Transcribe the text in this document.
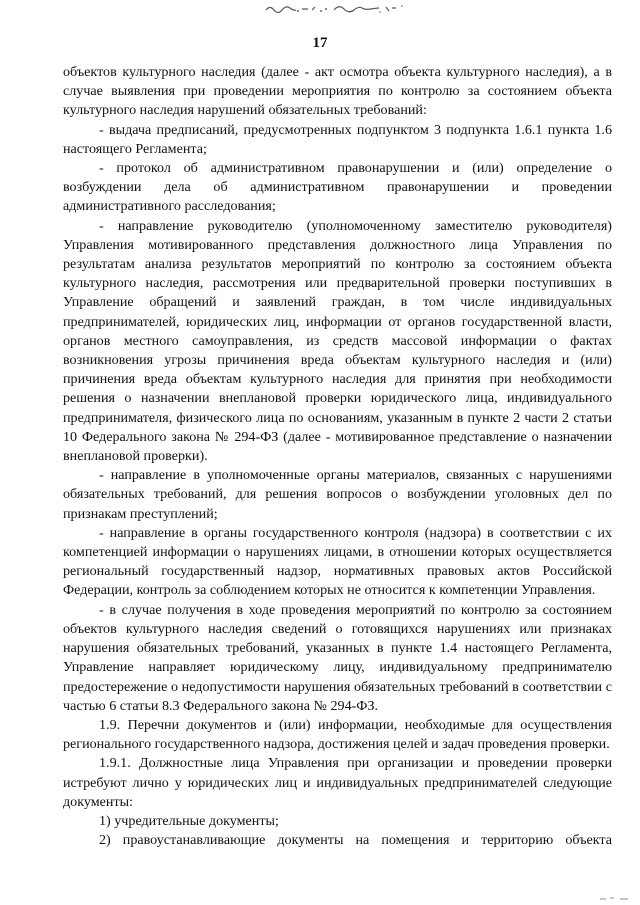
17

объектов культурного наследия (далее - акт осмотра объекта культурного наследия), а в случае выявления при проведении мероприятия по контролю за состоянием объекта культурного наследия нарушений обязательных требований:

- выдача предписаний, предусмотренных подпунктом 3 подпункта 1.6.1 пункта 1.6 настоящего Регламента;

- протокол об административном правонарушении и (или) определение о возбуждении дела об административном правонарушении и проведении административного расследования;

- направление руководителю (уполномоченному заместителю руководителя) Управления мотивированного представления должностного лица Управления по результатам анализа результатов мероприятий по контролю за состоянием объекта культурного наследия, рассмотрения или предварительной проверки поступивших в Управление обращений и заявлений граждан, в том числе индивидуальных предпринимателей, юридических лиц, информации от органов государственной власти, органов местного самоуправления, из средств массовой информации о фактах возникновения угрозы причинения вреда объектам культурного наследия и (или) причинения вреда объектам культурного наследия для принятия при необходимости решения о назначении внеплановой проверки юридического лица, индивидуального предпринимателя, физического лица по основаниям, указанным в пункте 2 части 2 статьи 10 Федерального закона № 294-ФЗ (далее - мотивированное представление о назначении внеплановой проверки).

- направление в уполномоченные органы материалов, связанных с нарушениями обязательных требований, для решения вопросов о возбуждении уголовных дел по признакам преступлений;

- направление в органы государственного контроля (надзора) в соответствии с их компетенцией информации о нарушениях лицами, в отношении которых осуществляется региональный государственный надзор, нормативных правовых актов Российской Федерации, контроль за соблюдением которых не относится к компетенции Управления.

- в случае получения в ходе проведения мероприятий по контролю за состоянием объектов культурного наследия сведений о готовящихся нарушениях или признаках нарушения обязательных требований, указанных в пункте 1.4 настоящего Регламента, Управление направляет юридическому лицу, индивидуальному предпринимателю предостережение о недопустимости нарушения обязательных требований в соответствии с частью 6 статьи 8.3 Федерального закона № 294-ФЗ.

1.9. Перечни документов и (или) информации, необходимые для осуществления регионального государственного надзора, достижения целей и задач проведения проверки.

1.9.1. Должностные лица Управления при организации и проведении проверки истребуют лично у юридических лиц и индивидуальных предпринимателей следующие документы:

1) учредительные документы;

2) правоустанавливающие документы на помещения и территорию объекта
